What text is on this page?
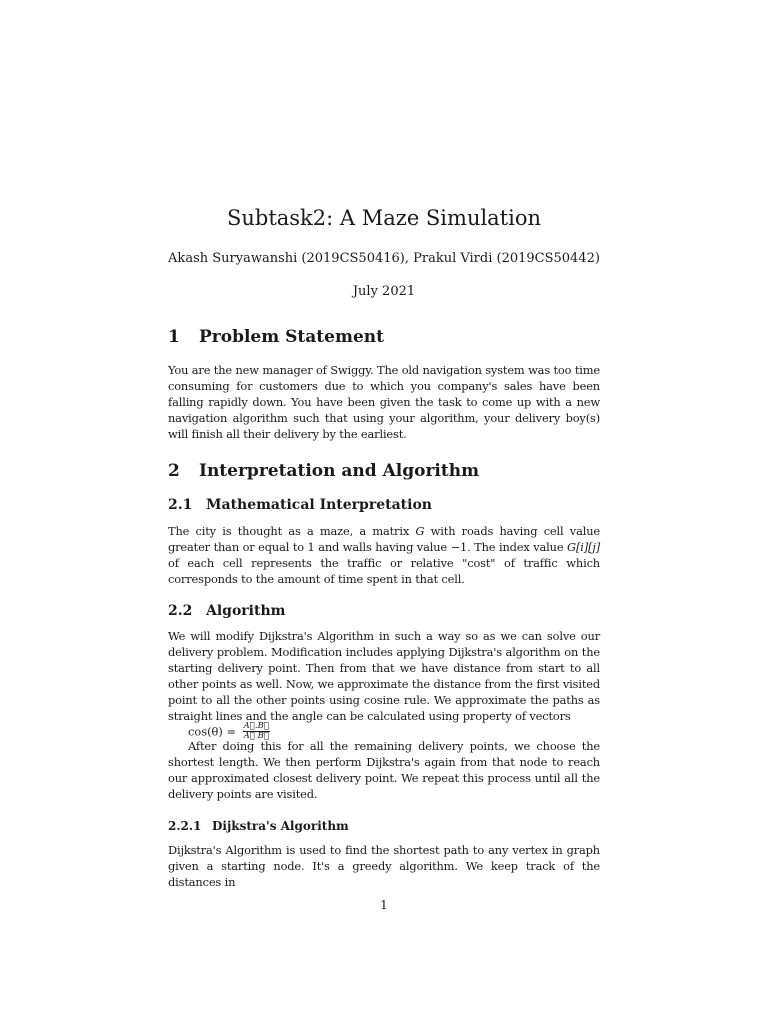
Subtask2: A Maze Simulation
Akash Suryawanshi (2019CS50416), Prakul Virdi (2019CS50442)
July 2021
1 Problem Statement

You are the new manager of Swiggy. The old navigation system was too time consuming for customers due to which you company's sales have been falling rapidly down. You have been given the task to come up with a new navigation algorithm such that using your algorithm, your delivery boy(s) will finish all their delivery by the earliest.

2 Interpretation and Algorithm
2.1 Mathematical Interpretation

The city is thought as a maze, a matrix G with roads having cell value greater than or equal to 1 and walls having value −1. The index value G[i][j] of each cell represents the traffic or relative "cost" of traffic which corresponds to the amount of time spent in that cell.

2.2 Algorithm

We will modify Dijkstra's Algorithm in such a way so as we can solve our delivery problem. Modification includes applying Dijkstra's algorithm on the starting delivery point. Then from that we have distance from start to all other points as well. Now, we approximate the distance from the first visited point to all the other points using cosine rule. We approximate the paths as straight lines and the angle can be calculated using property of vectors

$\cos(\theta) = \frac{A⃗.B⃗}{A⃗ B⃗}$

After doing this for all the remaining delivery points, we choose the shortest length. We then perform Dijkstra's again from that node to reach our approximated closest delivery point. We repeat this process until all the delivery points are visited.

2.2.1 Dijkstra's Algorithm

Dijkstra's Algorithm is used to find the shortest path to any vertex in graph given a starting node. It's a greedy algorithm. We keep track of the distances in

1
